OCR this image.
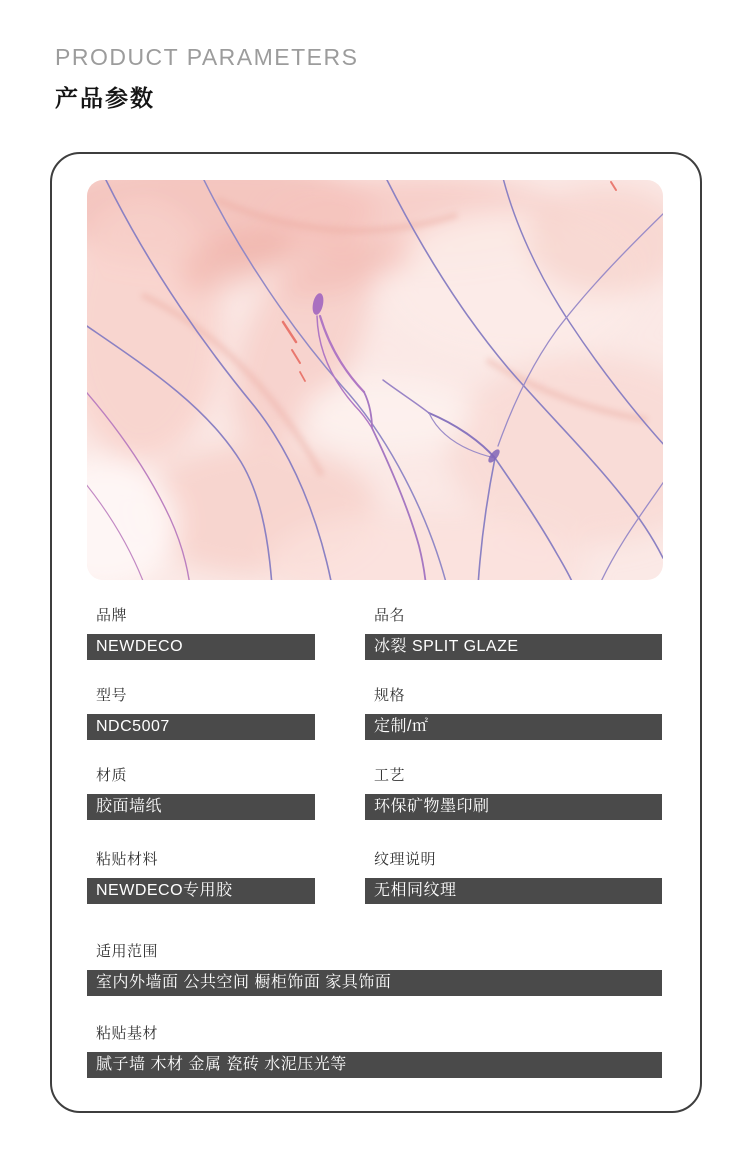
PRODUCT PARAMETERS
产品参数
品牌
NEWDECO
品名
冰裂 SPLIT GLAZE
型号
NDC5007
规格
定制/㎡
材质
胶面墙纸
工艺
环保矿物墨印刷
粘贴材料
NEWDECO专用胶
纹理说明
无相同纹理
适用范围
室内外墙面 公共空间 橱柜饰面 家具饰面
粘贴基材
腻子墙 木材 金属 瓷砖 水泥压光等
